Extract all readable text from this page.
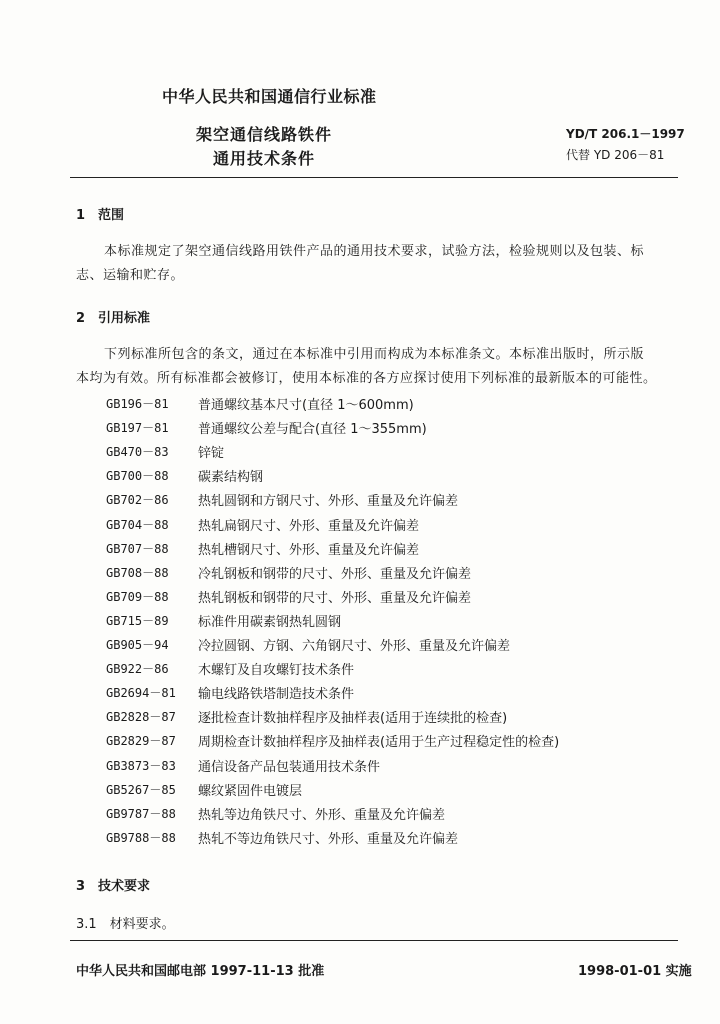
中华人民共和国通信行业标准
架空通信线路铁件
通用技术条件
YD/T 206.1－1997
代替 YD 206－81
1　范围
本标准规定了架空通信线路用铁件产品的通用技术要求，试验方法，检验规则以及包装、标
志、运输和贮存。
2　引用标准
下列标准所包含的条文，通过在本标准中引用而构成为本标准条文。本标准出版时，所示版
本均为有效。所有标准都会被修订，使用本标准的各方应探讨使用下列标准的最新版本的可能性。
GB196－81 普通螺纹基本尺寸(直径 1～600mm)
GB197－81 普通螺纹公差与配合(直径 1～355mm)
GB470－83 锌锭
GB700－88 碳素结构钢
GB702－86 热轧圆钢和方钢尺寸、外形、重量及允许偏差
GB704－88 热轧扁钢尺寸、外形、重量及允许偏差
GB707－88 热轧槽钢尺寸、外形、重量及允许偏差
GB708－88 冷轧钢板和钢带的尺寸、外形、重量及允许偏差
GB709－88 热轧钢板和钢带的尺寸、外形、重量及允许偏差
GB715－89 标准件用碳素钢热轧圆钢
GB905－94 冷拉圆钢、方钢、六角钢尺寸、外形、重量及允许偏差
GB922－86 木螺钉及自攻螺钉技术条件
GB2694－81 输电线路铁塔制造技术条件
GB2828－87 逐批检查计数抽样程序及抽样表(适用于连续批的检查)
GB2829－87 周期检查计数抽样程序及抽样表(适用于生产过程稳定性的检查)
GB3873－83 通信设备产品包装通用技术条件
GB5267－85 螺纹紧固件电镀层
GB9787－88 热轧等边角铁尺寸、外形、重量及允许偏差
GB9788－88 热轧不等边角铁尺寸、外形、重量及允许偏差
3　技术要求
3.1　材料要求。
中华人民共和国邮电部 1997-11-13 批准	1998-01-01 实施
